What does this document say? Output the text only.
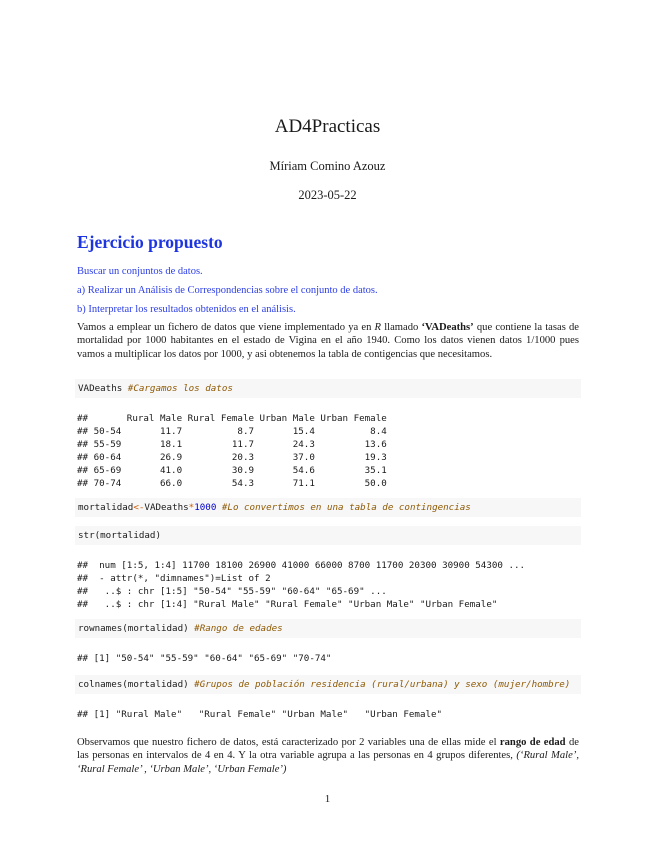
AD4Practicas
Míriam Comino Azouz
2023-05-22
Ejercicio propuesto
Buscar un conjuntos de datos.
a) Realizar un Análisis de Correspondencias sobre el conjunto de datos.
b) Interpretar los resultados obtenidos en el análisis.
Vamos a emplear un fichero de datos que viene implementado ya en R llamado ‘VADeaths’ que contiene la tasas de mortalidad por 1000 habitantes en el estado de Vigina en el año 1940. Como los datos vienen datos 1/1000 pues vamos a multiplicar los datos por 1000, y asi obtenemos la tabla de contigencias que necesitamos.
VADeaths #Cargamos los datos
##       Rural Male Rural Female Urban Male Urban Female
## 50-54       11.7          8.7       15.4          8.4
## 55-59       18.1         11.7       24.3         13.6
## 60-64       26.9         20.3       37.0         19.3
## 65-69       41.0         30.9       54.6         35.1
## 70-74       66.0         54.3       71.1         50.0
mortalidad<-VADeaths*1000 #Lo convertimos en una tabla de contingencias
str(mortalidad)
##  num [1:5, 1:4] 11700 18100 26900 41000 66000 8700 11700 20300 30900 54300 ...
##  - attr(*, "dimnames")=List of 2
##   ..$ : chr [1:5] "50-54" "55-59" "60-64" "65-69" ...
##   ..$ : chr [1:4] "Rural Male" "Rural Female" "Urban Male" "Urban Female"
rownames(mortalidad) #Rango de edades
## [1] "50-54" "55-59" "60-64" "65-69" "70-74"
colnames(mortalidad) #Grupos de población residencia (rural/urbana) y sexo (mujer/hombre)
## [1] "Rural Male"   "Rural Female" "Urban Male"   "Urban Female"
Observamos que nuestro fichero de datos, está caracterizado por 2 variables una de ellas mide el rango de edad de las personas en intervalos de 4 en 4. Y la otra variable agrupa a las personas en 4 grupos diferentes, (‘Rural Male’, ‘Rural Female’ , ‘Urban Male’, ‘Urban Female’)
1
